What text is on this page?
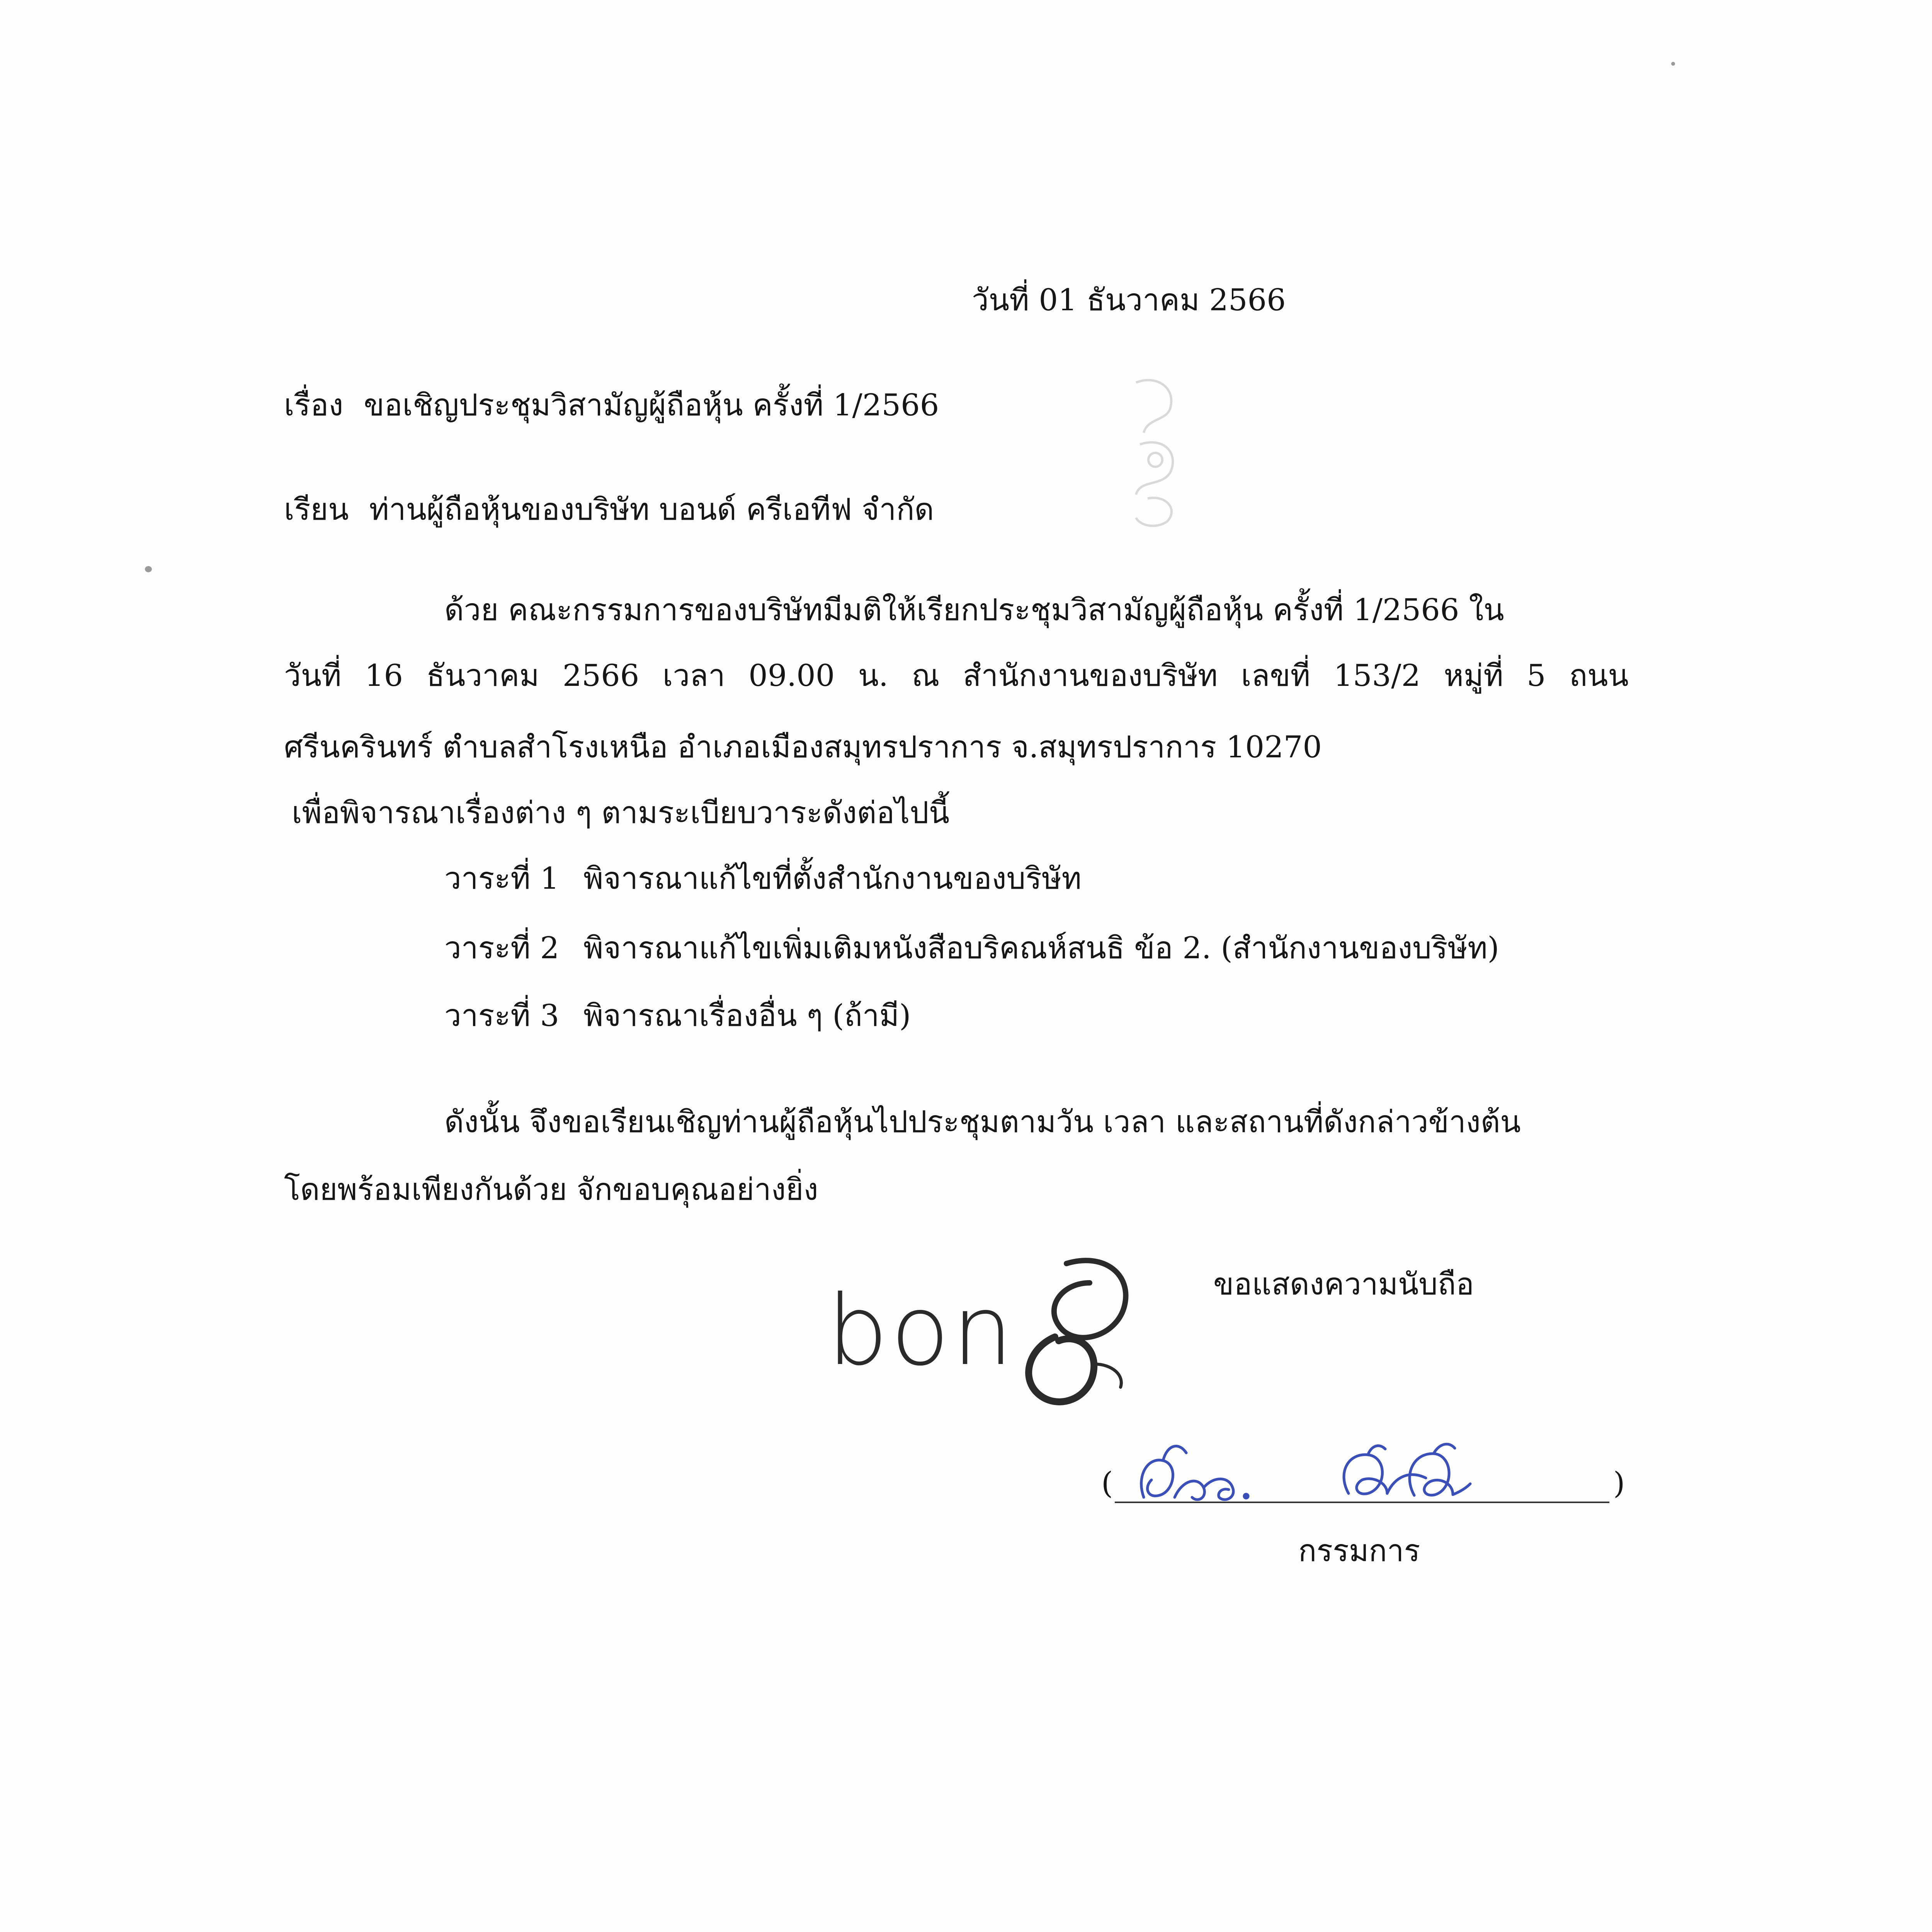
วันที่ 01 ธันวาคม 2566
เรื่อง ขอเชิญประชุมวิสามัญผู้ถือหุ้น ครั้งที่ 1/2566
เรียน ท่านผู้ถือหุ้นของบริษัท บอนด์ ครีเอทีฟ จำกัด
ด้วย คณะกรรมการของบริษัทมีมติให้เรียกประชุมวิสามัญผู้ถือหุ้น ครั้งที่ 1/2566 ใน
วันที่ 16 ธันวาคม 2566 เวลา 09.00 น. ณ สำนักงานของบริษัท เลขที่ 153/2 หมู่ที่ 5 ถนน
ศรีนครินทร์ ตำบลสำโรงเหนือ อำเภอเมืองสมุทรปราการ จ.สมุทรปราการ 10270
เพื่อพิจารณาเรื่องต่าง ๆ ตามระเบียบวาระดังต่อไปนี้
วาระที่ 1 พิจารณาแก้ไขที่ตั้งสำนักงานของบริษัท
วาระที่ 2 พิจารณาแก้ไขเพิ่มเติมหนังสือบริคณห์สนธิ ข้อ 2. (สำนักงานของบริษัท)
วาระที่ 3 พิจารณาเรื่องอื่น ๆ (ถ้ามี)
ดังนั้น จึงขอเรียนเชิญท่านผู้ถือหุ้นไปประชุมตามวัน เวลา และสถานที่ดังกล่าวข้างต้น
โดยพร้อมเพียงกันด้วย จักขอบคุณอย่างยิ่ง
bon	ขอแสดงความนับถือ
(	)
กรรมการ
